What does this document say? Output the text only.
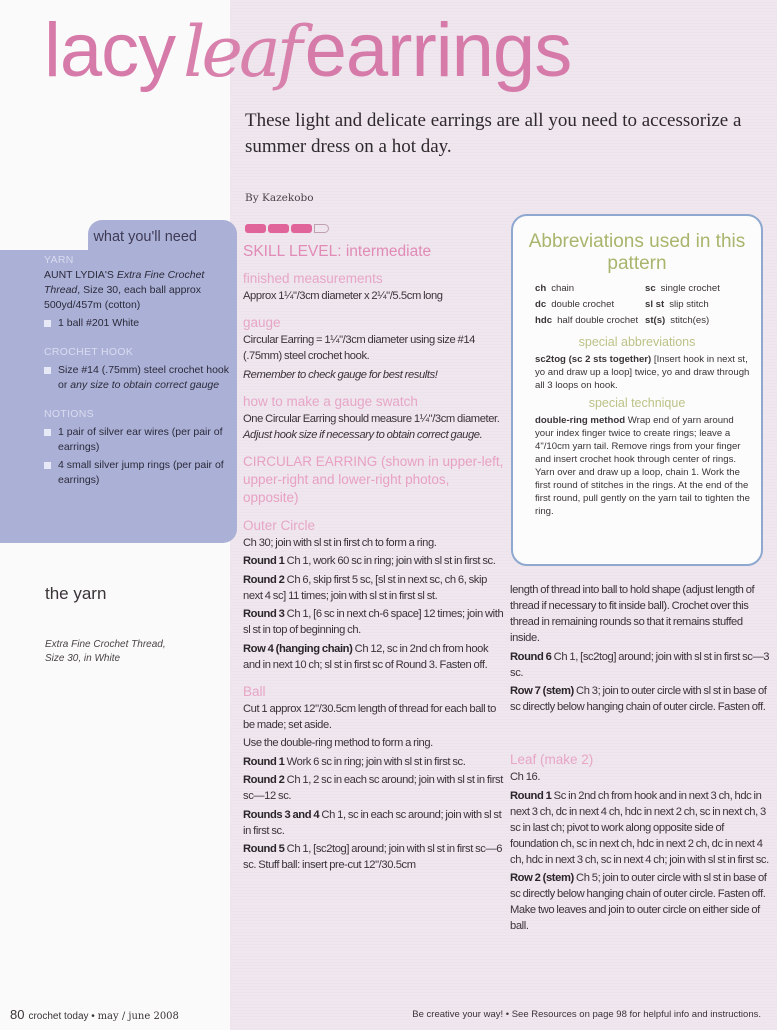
lacy leafearrings
These light and delicate earrings are all you need to accessorize a summer dress on a hot day.
By Kazekobo
what you'll need
YARN
AUNT LYDIA'S Extra Fine Crochet Thread, Size 30, each ball approx 500yd/457m (cotton)
1 ball #201 White
CROCHET HOOK
Size #14 (.75mm) steel crochet hook or any size to obtain correct gauge
NOTIONS
1 pair of silver ear wires (per pair of earrings)
4 small silver jump rings (per pair of earrings)
the yarn
Extra Fine Crochet Thread,
Size 30, in White
SKILL LEVEL: intermediate
finished measurements

Approx 1¼"/3cm diameter x 2¼"/5.5cm long

gauge

Circular Earring = 1¼"/3cm diameter using size #14 (.75mm) steel crochet hook.

Remember to check gauge for best results!

how to make a gauge swatch

One Circular Earring should measure 1¼"/3cm diameter. Adjust hook size if necessary to obtain correct gauge.

CIRCULAR EARRING (shown in upper-left, upper-right and lower-right photos, opposite)
Outer Circle

Ch 30; join with sl st in first ch to form a ring.

Round 1 Ch 1, work 60 sc in ring; join with sl st in first sc.

Round 2 Ch 6, skip first 5 sc, [sl st in next sc, ch 6, skip next 4 sc] 11 times; join with sl st in first sl st.

Round 3 Ch 1, [6 sc in next ch-6 space] 12 times; join with sl st in top of beginning ch.

Row 4 (hanging chain) Ch 12, sc in 2nd ch from hook and in next 10 ch; sl st in first sc of Round 3. Fasten off.

Ball

Cut 1 approx 12"/30.5cm length of thread for each ball to be made; set aside.

Use the double-ring method to form a ring.

Round 1 Work 6 sc in ring; join with sl st in first sc.

Round 2 Ch 1, 2 sc in each sc around; join with sl st in first sc—12 sc.

Rounds 3 and 4 Ch 1, sc in each sc around; join with sl st in first sc.

Round 5 Ch 1, [sc2tog] around; join with sl st in first sc—6 sc. Stuff ball: insert pre-cut 12"/30.5cm

length of thread into ball to hold shape (adjust length of thread if necessary to fit inside ball). Crochet over this thread in remaining rounds so that it remains stuffed inside.

Round 6 Ch 1, [sc2tog] around; join with sl st in first sc—3 sc.

Row 7 (stem) Ch 3; join to outer circle with sl st in base of sc directly below hanging chain of outer circle. Fasten off.

Leaf (make 2)

Ch 16.

Round 1 Sc in 2nd ch from hook and in next 3 ch, hdc in next 3 ch, dc in next 4 ch, hdc in next 2 ch, sc in next ch, 3 sc in last ch; pivot to work along opposite side of foundation ch, sc in next ch, hdc in next 2 ch, dc in next 4 ch, hdc in next 3 ch, sc in next 4 ch; join with sl st in first sc.

Row 2 (stem) Ch 5; join to outer circle with sl st in base of sc directly below hanging chain of outer circle. Fasten off. Make two leaves and join to outer circle on either side of ball.

Abbreviations used in this pattern
ch chain	sc single crochet
dc double crochet	sl st slip stitch
hdc half double crochet st(s) stitch(es)
special abbreviations
sc2tog (sc 2 sts together) [Insert hook in next st, yo and draw up a loop] twice, yo and draw through all 3 loops on hook.
special technique
double-ring method Wrap end of yarn around your index finger twice to create rings; leave a 4"/10cm yarn tail. Remove rings from your finger and insert crochet hook through center of rings. Yarn over and draw up a loop, chain 1. Work the first round of stitches in the rings. At the end of the first round, pull gently on the yarn tail to tighten the ring.
80 crochet today • may / june 2008	Be creative your way! • See Resources on page 98 for helpful info and instructions.
